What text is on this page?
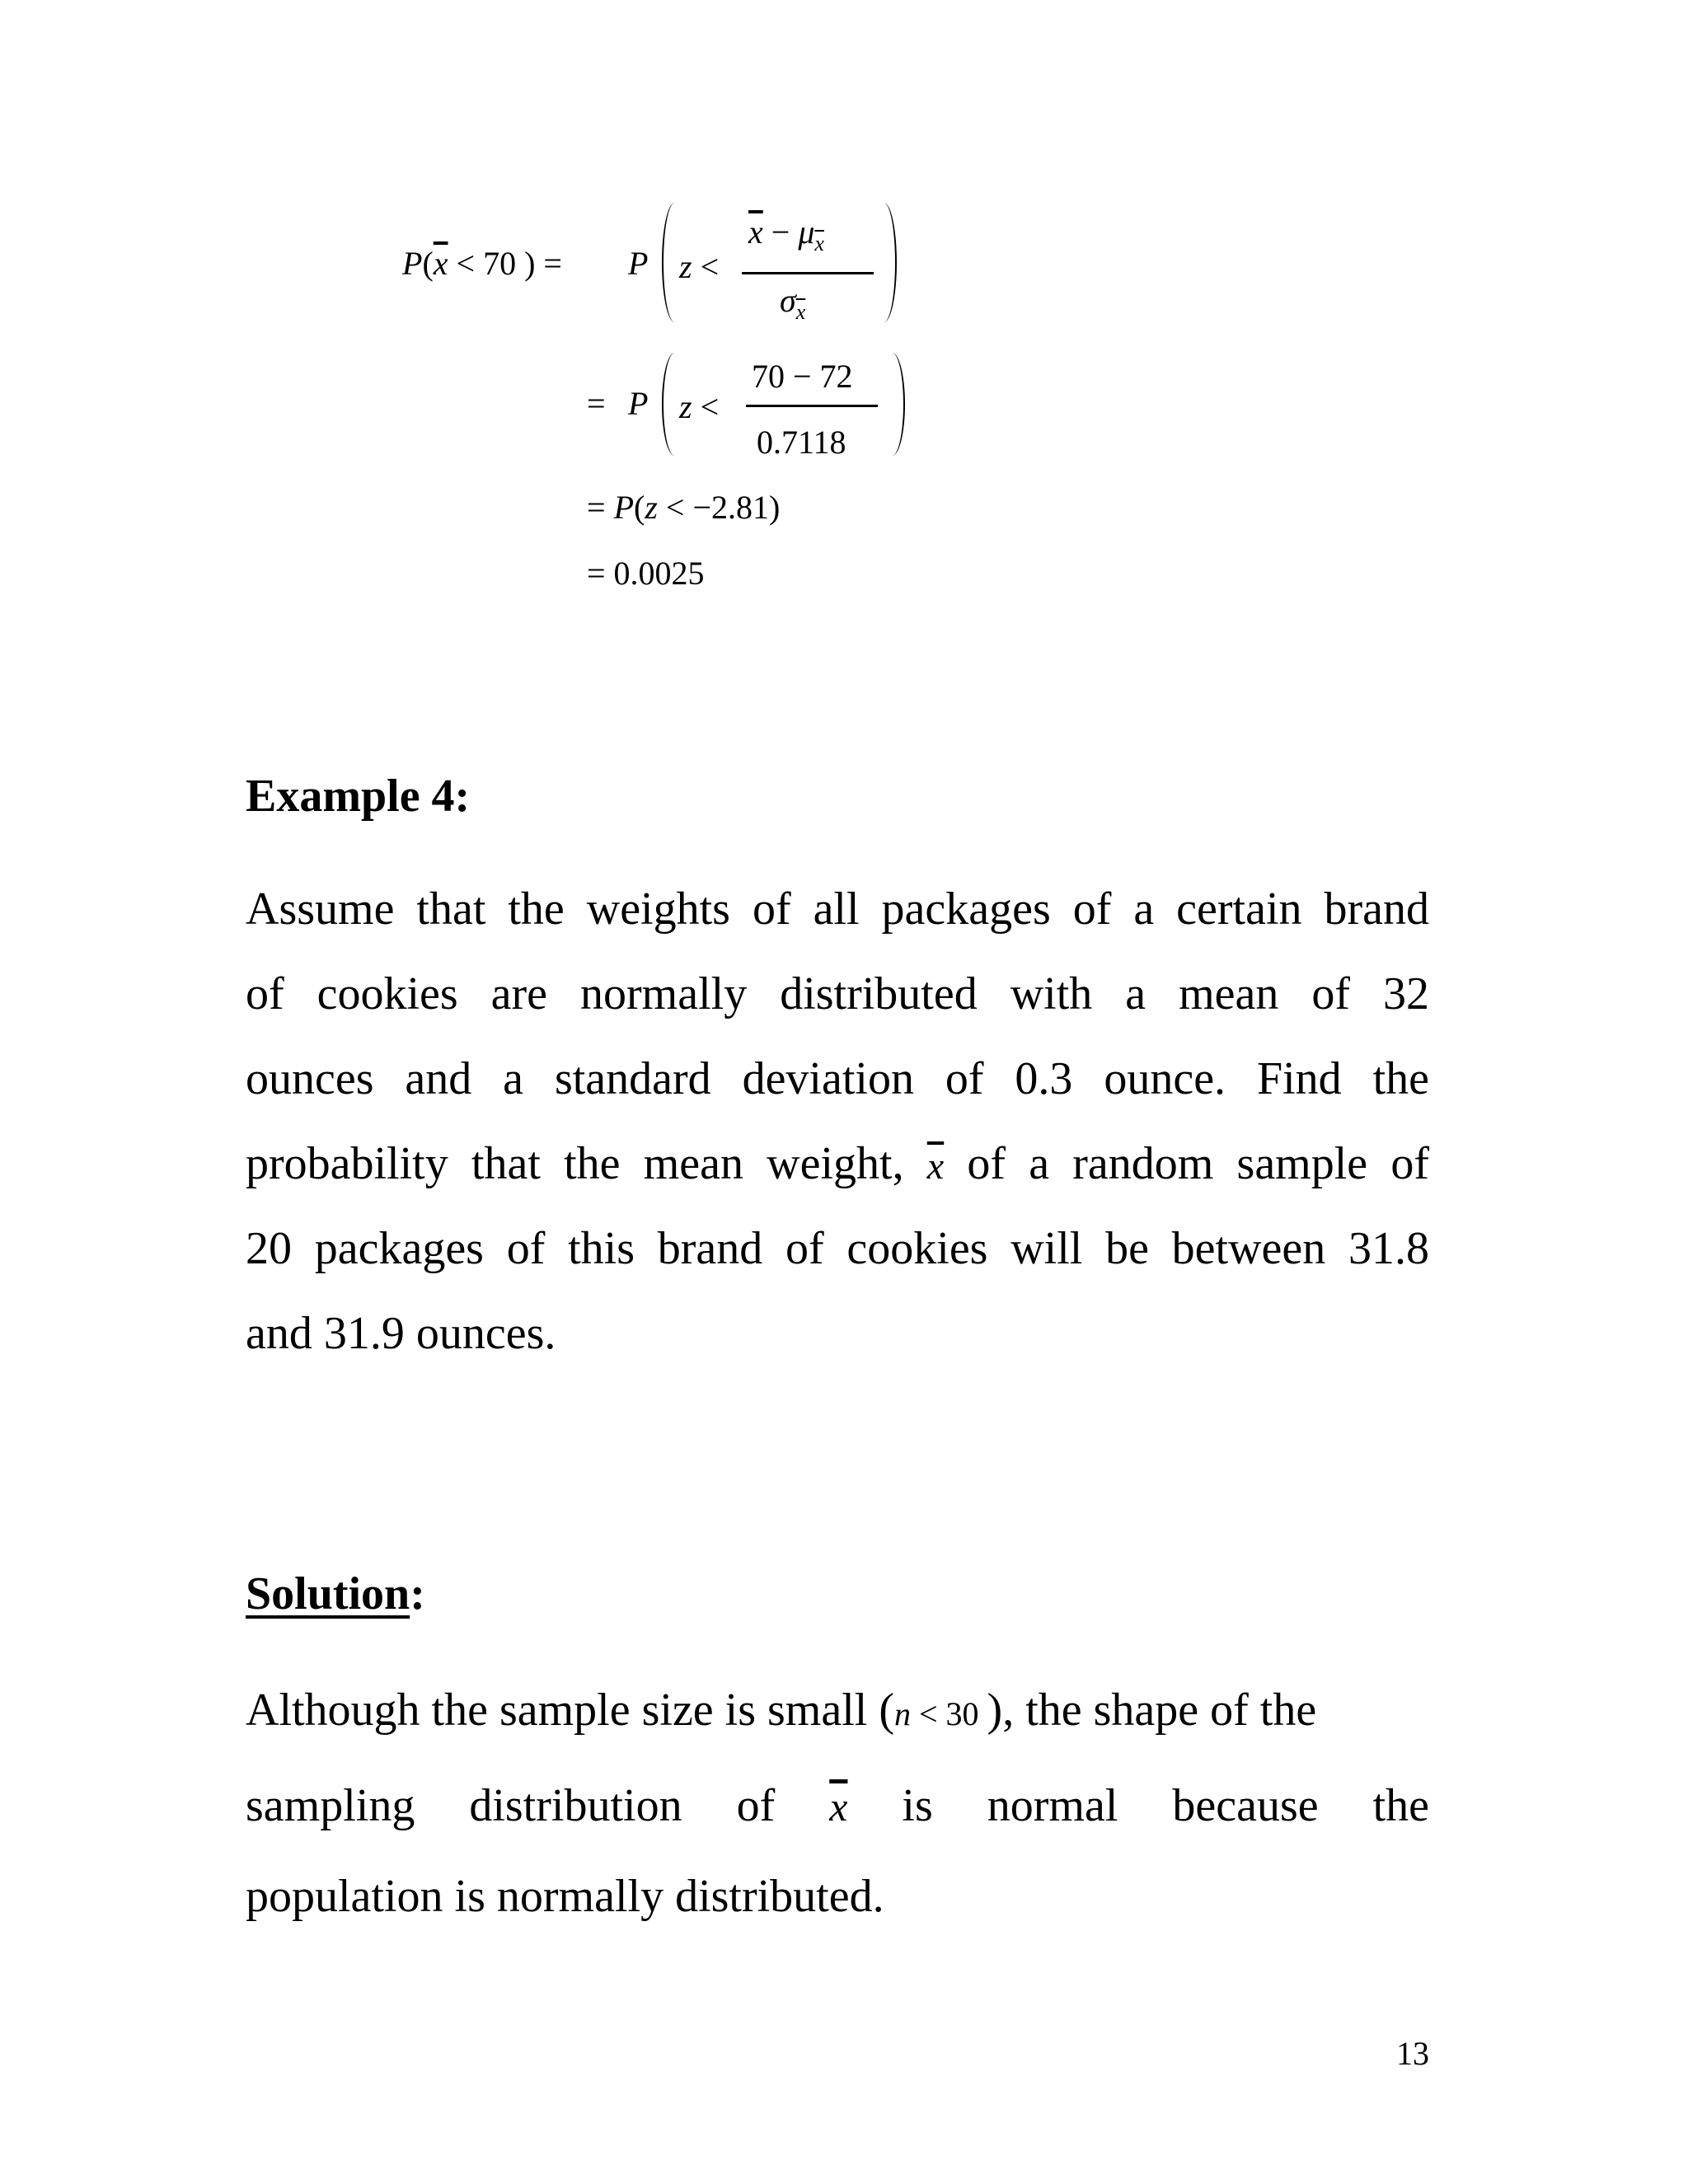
$P(\overline{x} < 70$ ) = P z <
$\overline{x} - \mu_{\overline{x}}$
$\sigma_{\overline{x}}$
= P z <
70 − 72
0.7118
= P(z < −2.81)
= 0.0025
Example 4:
Assume that the weights of all packages of a certain brand
of cookies are normally distributed with a mean of 32
ounces and a standard deviation of 0.3 ounce. Find the
probability that the mean weight, $\overline{x}$ of a random sample of
20 packages of this brand of cookies will be between 31.8
and 31.9 ounces.
Solution:
Although the sample size is small (n < 30 ), the shape of the
sampling distribution of $\overline{x}$ is normal because the
population is normally distributed.
13
